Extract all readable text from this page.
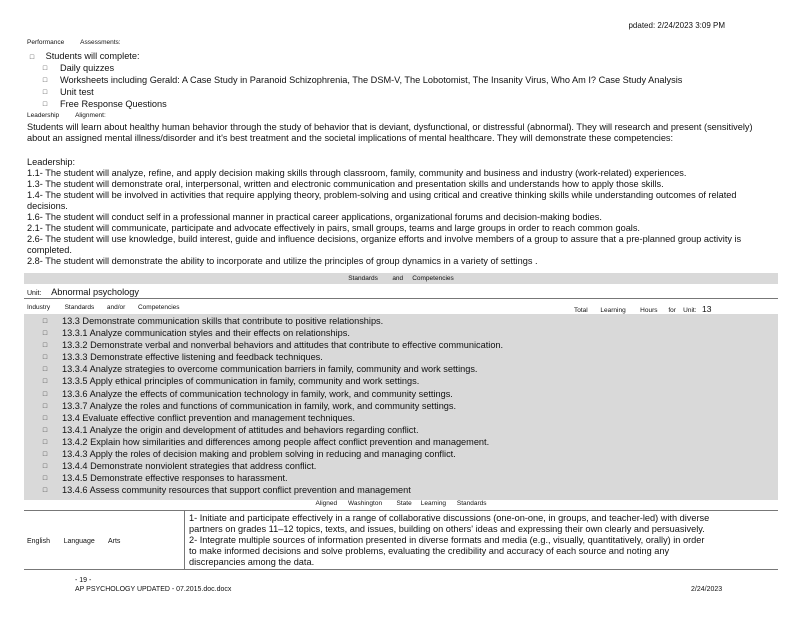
pdated: 2/24/2023 3:09 PM
Performance Assessments:
□ Students will complete:
□	Daily quizzes
□	Worksheets including Gerald: A Case Study in Paranoid Schizophrenia, The DSM-V, The Lobotomist, The Insanity Virus, Who Am I? Case Study Analysis
□	Unit test
□	Free Response Questions
Leadership Alignment:
Students will learn about healthy human behavior through the study of behavior that is deviant, dysfunctional, or distressful (abnormal). They will research and present (sensitively) about an assigned mental illness/disorder and it's best treatment and the societal implications of mental healthcare. They will demonstrate these competencies:
Leadership:
1.1- The student will analyze, refine, and apply decision making skills through classroom, family, community and business and industry (work-related) experiences.
1.3- The student will demonstrate oral, interpersonal, written and electronic communication and presentation skills and understands how to apply those skills.
1.4- The student will be involved in activities that require applying theory, problem-solving and using critical and creative thinking skills while understanding outcomes of related decisions.
1.6- The student will conduct self in a professional manner in practical career applications, organizational forums and decision-making bodies.
2.1- The student will communicate, participate and advocate effectively in pairs, small groups, teams and large groups in order to reach common goals.
2.6- The student will use knowledge, build interest, guide and influence decisions, organize efforts and involve members of a group to assure that a pre-planned group activity is completed.
2.8- The student will demonstrate the ability to incorporate and utilize the principles of group dynamics in a variety of settings .
Standards and Competencies
Unit: Abnormal psychology
Industry Standards and/or Competencies	Total Learning Hours for Unit: 13
□	13.3 Demonstrate communication skills that contribute to positive relationships.
□	13.3.1 Analyze communication styles and their effects on relationships.
□	13.3.2 Demonstrate verbal and nonverbal behaviors and attitudes that contribute to effective communication.
□	13.3.3 Demonstrate effective listening and feedback techniques.
□	13.3.4 Analyze strategies to overcome communication barriers in family, community and work settings.
□	13.3.5 Apply ethical principles of communication in family, community and work settings.
□	13.3.6 Analyze the effects of communication technology in family, work, and community settings.
□	13.3.7 Analyze the roles and functions of communication in family, work, and community settings.
□	13.4 Evaluate effective conflict prevention and management techniques.
□	13.4.1 Analyze the origin and development of attitudes and behaviors regarding conflict.
□	13.4.2 Explain how similarities and differences among people affect conflict prevention and management.
□	13.4.3 Apply the roles of decision making and problem solving in reducing and managing conflict.
□	13.4.4 Demonstrate nonviolent strategies that address conflict.
□	13.4.5 Demonstrate effective responses to harassment.
□	13.4.6 Assess community resources that support conflict prevention and management
Aligned Washington State Learning Standards
English Language Arts
1- Initiate and participate effectively in a range of collaborative discussions (one-on-one, in groups, and teacher-led) with diverse
partners on grades 11–12 topics, texts, and issues, building on others' ideas and expressing their own clearly and persuasively.
2- Integrate multiple sources of information presented in diverse formats and media (e.g., visually, quantitatively, orally) in order
to make informed decisions and solve problems, evaluating the credibility and accuracy of each source and noting any
discrepancies among the data.
- 19 -
AP PSYCHOLOGY UPDATED - 07.2015.doc.docx	2/24/2023
